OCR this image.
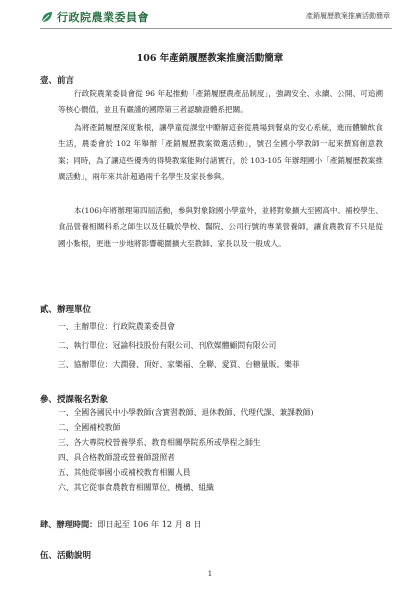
行政院農業委員會	產銷履歷教案推廣活動簡章
106 年產銷履歷教案推廣活動簡章
壹、前言
行政院農業委員會從 96 年起推動「產銷履歷農產品制度」，強調安全、永續、公開、可追溯等核心價值，並且有嚴謹的國際第三者認驗證體系把關。
為將產銷履歷深度紮根，讓學童從課堂中瞭解這套從農場到餐桌的安心系統，進而體驗飲食生活，農委會於 102 年舉辦「產銷履歷教案徵選活動」，號召全國小學教師一起來撰寫創意教案；同時，為了讓這些優秀的得獎教案能夠付諸實行，於 103-105 年辦理國小「產銷履歷教案推廣活動」，兩年來共計超過兩千名學生及家長參與。
本(106)年將辦理第四屆活動，參與對象除國小學童外，並將對象擴大至國高中、補校學生、食品營養相關科系之師生以及任職於學校、醫院、公司行號的專業營養師，讓食農教育不只是從國小紮根，更進一步地將影響範圍擴大至教師、家長以及一般成人。
貳、辦理單位
一、主辦單位：行政院農業委員會
二、執行單位：冠論科技股份有限公司、刊欣媒體顧問有限公司
三、協辦單位：大潤發、頂好、家樂福、全聯、愛買、台糖量販、樂菲
參、授課報名對象
一、全國各國民中小學教師(含實習教師、退休教師、代理代課、兼課教師)
二、全國補校教師
三、各大專院校營養學系、教育相關學院系所或學程之師生
四、具合格教師證或營養師證照者
五、其他從事國小或補校教育相關人員
六、其它從事食農教育相關單位、機構、組織
肆、辦理時間：即日起至 106 年 12 月 8 日
伍、活動說明
1
